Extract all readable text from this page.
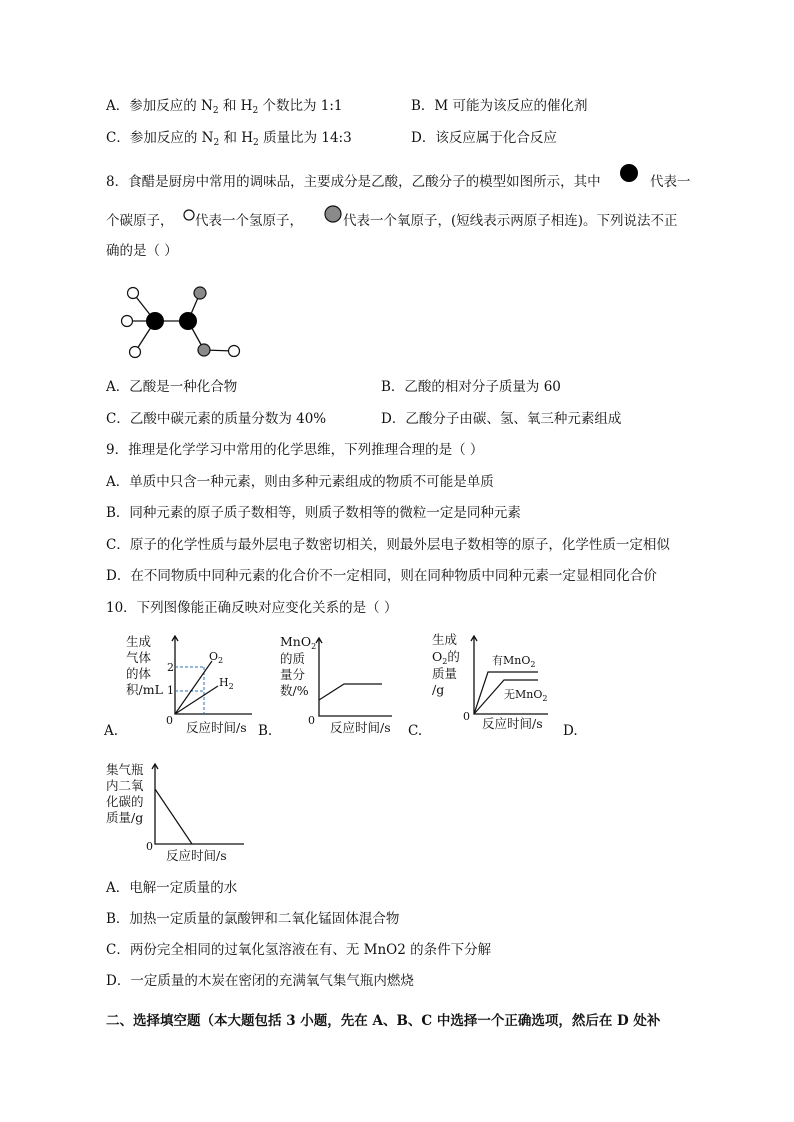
A．参加反应的 $N_2$ 和 $H_2$ 个数比为 1:1	B．M 可能为该反应的催化剂
C．参加反应的 $N_2$ 和 $H_2$ 质量比为 14:3	D．该反应属于化合反应
8．食醋是厨房中常用的调味品，主要成分是乙酸，乙酸分子的模型如图所示，其中	代表一
个碳原子， 代表一个氢原子，	代表一个氧原子，(短线表示两原子相连)。下列说法不正
确的是（ ）
A．乙酸是一种化合物	B．乙酸的相对分子质量为 60
C．乙酸中碳元素的质量分数为 40%	D．乙酸分子由碳、氢、氧三种元素组成
9．推理是化学学习中常用的化学思维，下列推理合理的是（ ）
A．单质中只含一种元素，则由多种元素组成的物质不可能是单质
B．同种元素的原子质子数相等，则质子数相等的微粒一定是同种元素
C．原子的化学性质与最外层电子数密切相关，则最外层电子数相等的原子，化学性质一定相似
D．在不同物质中同种元素的化合价不一定相同，则在同种物质中同种元素一定显相同化合价
10．下列图像能正确反映对应变化关系的是（ ）
生成
气体
的体
积/mL
2
1
$O_2$
$H_2$
0 反应时间/s
A.
MnO$_2$
的质
量分
数/%
0 反应时间/s
B.
生成
$O_2$的
质量
/g
有MnO$_2$
无MnO$_2$
0 反应时间/s
C.	D.
集气瓶
内二氧
化碳的
质量/g
0
反应时间/s
A．电解一定质量的水
B．加热一定质量的氯酸钾和二氧化锰固体混合物
C．两份完全相同的过氧化氢溶液在有、无 MnO2 的条件下分解
D．一定质量的木炭在密闭的充满氧气集气瓶内燃烧
二、选择填空题（本大题包括 3 小题，先在 A、B、C 中选择一个正确选项，然后在 D 处补
